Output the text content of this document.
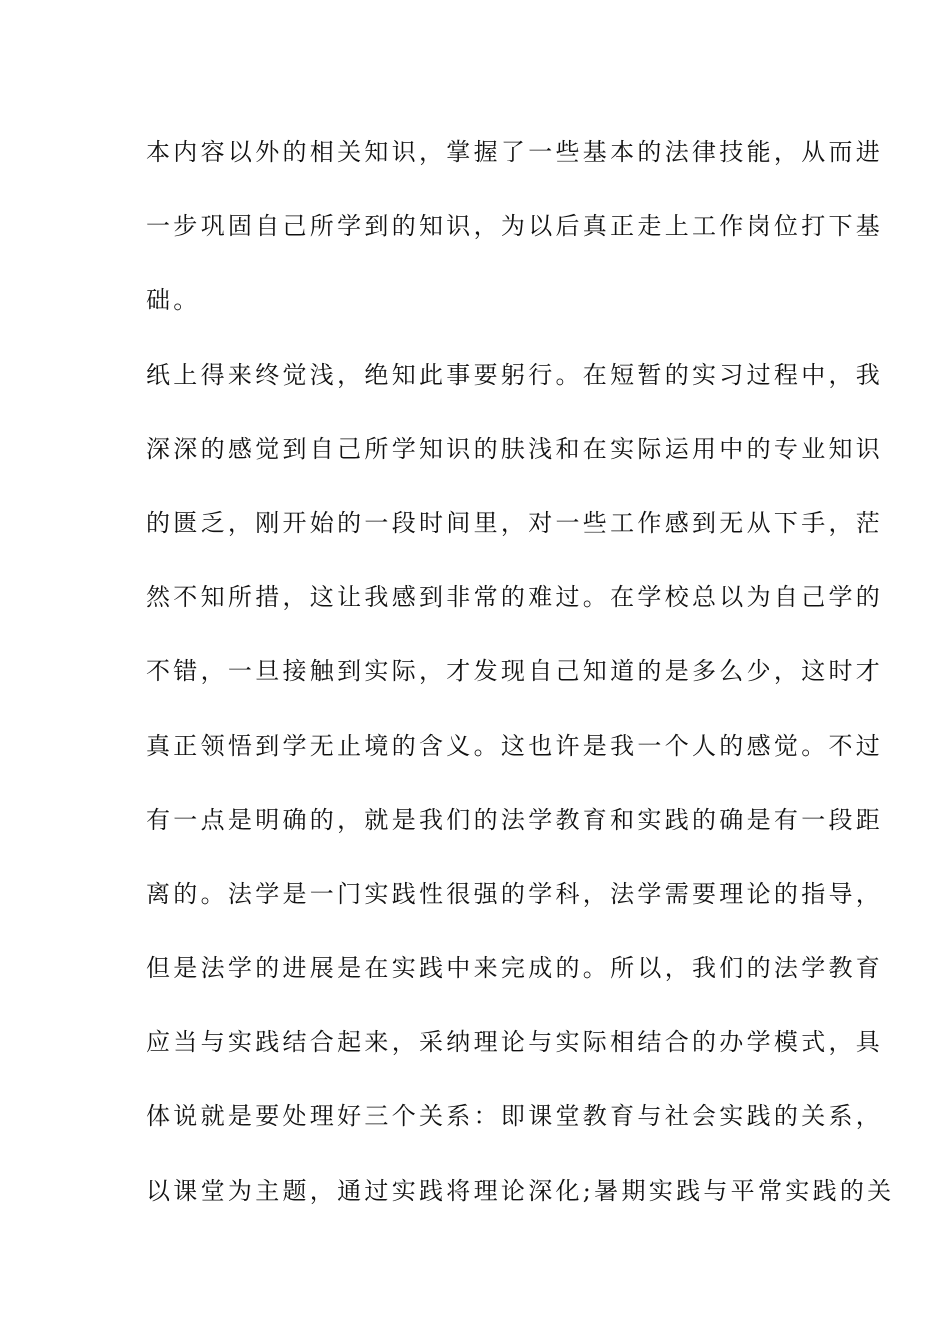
本内容以外的相关知识，掌握了一些基本的法律技能，从而进
一步巩固自己所学到的知识，为以后真正走上工作岗位打下基
础。
纸上得来终觉浅，绝知此事要躬行。在短暂的实习过程中，我
深深的感觉到自己所学知识的肤浅和在实际运用中的专业知识
的匮乏，刚开始的一段时间里，对一些工作感到无从下手，茫
然不知所措，这让我感到非常的难过。在学校总以为自己学的
不错，一旦接触到实际，才发现自己知道的是多么少，这时才
真正领悟到学无止境的含义。这也许是我一个人的感觉。不过
有一点是明确的，就是我们的法学教育和实践的确是有一段距
离的。法学是一门实践性很强的学科，法学需要理论的指导，
但是法学的进展是在实践中来完成的。所以，我们的法学教育
应当与实践结合起来，采纳理论与实际相结合的办学模式，具
体说就是要处理好三个关系：即课堂教育与社会实践的关系，
以课堂为主题，通过实践将理论深化;暑期实践与平常实践的关
